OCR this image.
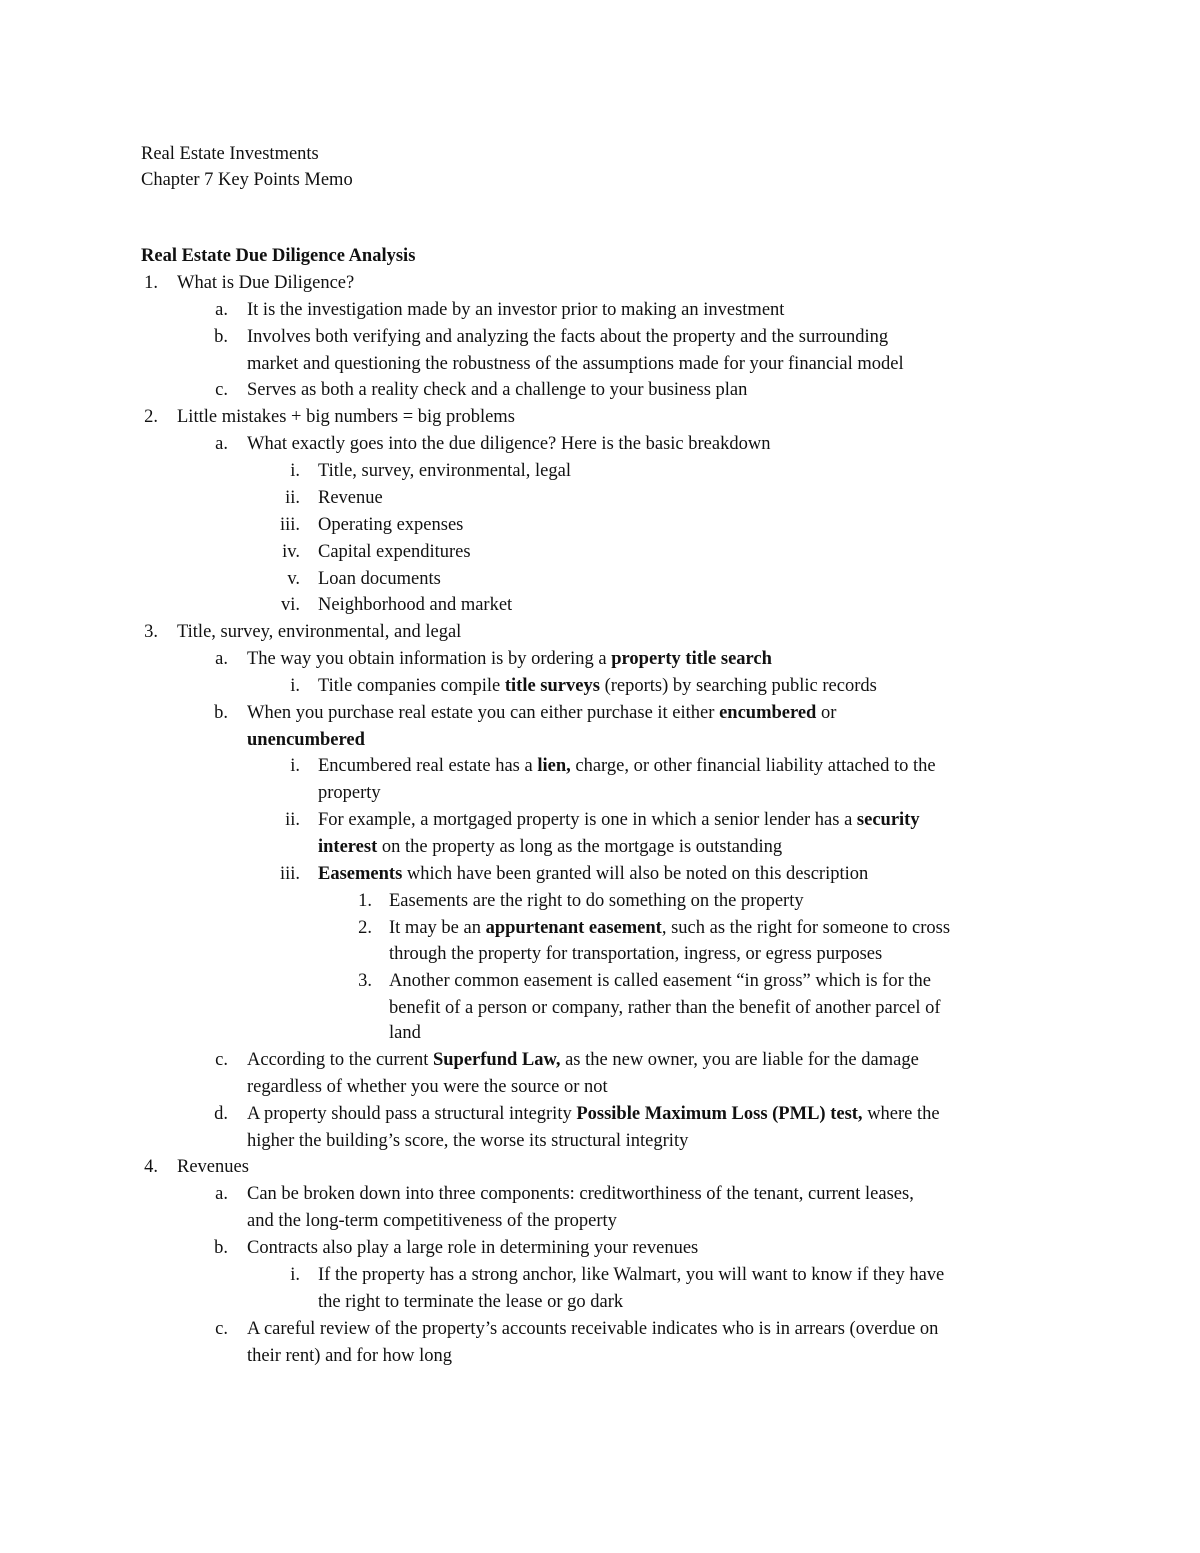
Real Estate Investments
Chapter 7 Key Points Memo
Real Estate Due Diligence Analysis
1. What is Due Diligence?
a. It is the investigation made by an investor prior to making an investment
b. Involves both verifying and analyzing the facts about the property and the surrounding
market and questioning the robustness of the assumptions made for your financial model
c. Serves as both a reality check and a challenge to your business plan
2. Little mistakes + big numbers = big problems
a. What exactly goes into the due diligence? Here is the basic breakdown
i. Title, survey, environmental, legal
ii. Revenue
iii. Operating expenses
iv. Capital expenditures
v. Loan documents
vi. Neighborhood and market
3. Title, survey, environmental, and legal
a. The way you obtain information is by ordering a property title search
i. Title companies compile title surveys (reports) by searching public records
b. When you purchase real estate you can either purchase it either encumbered or
unencumbered
i. Encumbered real estate has a lien, charge, or other financial liability attached to the
property
ii. For example, a mortgaged property is one in which a senior lender has a security
interest on the property as long as the mortgage is outstanding
iii. Easements which have been granted will also be noted on this description
1. Easements are the right to do something on the property
2. It may be an appurtenant easement, such as the right for someone to cross
through the property for transportation, ingress, or egress purposes
3. Another common easement is called easement “in gross” which is for the
benefit of a person or company, rather than the benefit of another parcel of
land
c. According to the current Superfund Law, as the new owner, you are liable for the damage
regardless of whether you were the source or not
d. A property should pass a structural integrity Possible Maximum Loss (PML) test, where the
higher the building’s score, the worse its structural integrity
4. Revenues
a. Can be broken down into three components: creditworthiness of the tenant, current leases,
and the long-term competitiveness of the property
b. Contracts also play a large role in determining your revenues
i. If the property has a strong anchor, like Walmart, you will want to know if they have
the right to terminate the lease or go dark
c. A careful review of the property’s accounts receivable indicates who is in arrears (overdue on
their rent) and for how long
